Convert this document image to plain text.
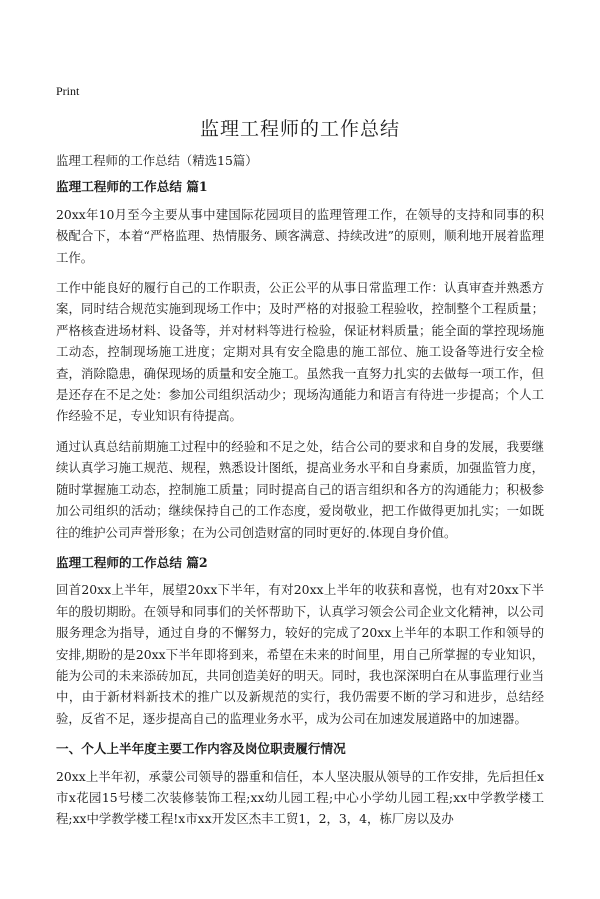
Print
监理工程师的工作总结

监理工程师的工作总结（精选15篇）

监理工程师的工作总结 篇1

20xx年10月至今主要从事中建国际花园项目的监理管理工作，在领导的支持和同事的积极配合下，本着“严格监理、热情服务、顾客满意、持续改进”的原则，顺利地开展着监理工作。

工作中能良好的履行自己的工作职责，公正公平的从事日常监理工作：认真审查并熟悉方案，同时结合规范实施到现场工作中；及时严格的对报验工程验收，控制整个工程质量；严格核查进场材料、设备等，并对材料等进行检验，保证材料质量；能全面的掌控现场施工动态，控制现场施工进度；定期对具有安全隐患的施工部位、施工设备等进行安全检查，消除隐患，确保现场的质量和安全施工。虽然我一直努力扎实的去做每一项工作，但是还存在不足之处：参加公司组织活动少；现场沟通能力和语言有待进一步提高；个人工作经验不足，专业知识有待提高。

通过认真总结前期施工过程中的经验和不足之处，结合公司的要求和自身的发展，我要继续认真学习施工规范、规程，熟悉设计图纸，提高业务水平和自身素质，加强监管力度，随时掌握施工动态，控制施工质量；同时提高自己的语言组织和各方的沟通能力；积极参加公司组织的活动；继续保持自己的工作态度，爱岗敬业，把工作做得更加扎实；一如既往的维护公司声誉形象；在为公司创造财富的同时更好的.体现自身价值。

监理工程师的工作总结 篇2

回首20xx上半年，展望20xx下半年，有对20xx上半年的收获和喜悦，也有对20xx下半年的殷切期盼。在领导和同事们的关怀帮助下，认真学习领会公司企业文化精神，以公司服务理念为指导，通过自身的不懈努力，较好的完成了20xx上半年的本职工作和领导的安排,期盼的是20xx下半年即将到来，希望在未来的时间里，用自己所掌握的专业知识，能为公司的未来添砖加瓦，共同创造美好的明天。同时，我也深深明白在从事监理行业当中，由于新材料新技术的推广以及新规范的实行，我仍需要不断的学习和进步，总结经验，反省不足，逐步提高自己的监理业务水平，成为公司在加速发展道路中的加速器。

一、个人上半年度主要工作内容及岗位职责履行情况

20xx上半年初，承蒙公司领导的器重和信任，本人坚决服从领导的工作安排，先后担任x市x花园15号楼二次装修装饰工程;xx幼儿园工程;中心小学幼儿园工程;xx中学教学楼工程;xx中学教学楼工程!x市xx开发区杰丰工贸1，2，3，4，栋厂房以及办
